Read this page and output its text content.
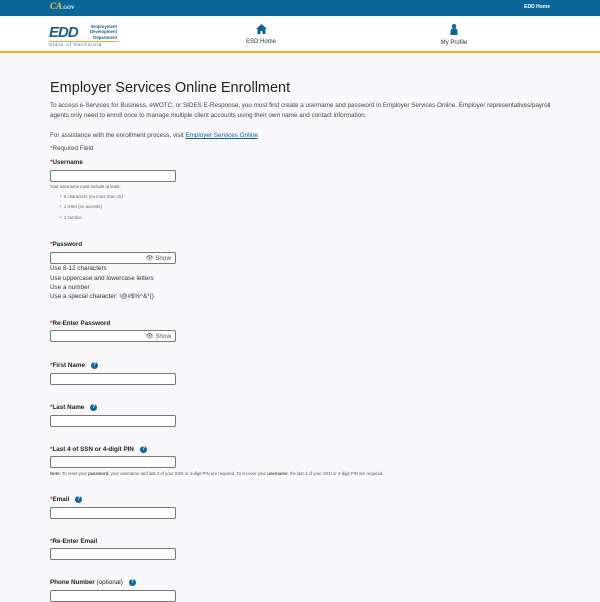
CA.GOV	EDD Home
EDD	Employment
Development
Department
State of California	ESD Home	My Profile
Employer Services Online Enrollment
To access e-Services for Business, eWOTC, or SIDES E-Response, you must first create a username and password in Employer Services Online. Employer representatives/payroll agents only need to enroll once to manage multiple client accounts using their own name and contact information.
For assistance with the enrollment process, visit Employer Services Online.
*Required Field
*Username
Your username must include at least:
•  8 characters (no more than 15)
•  1 letter (no accents)
•  1 number
*Password
👁 Show
Use 8-12 characters
Use uppercase and lowercase letters
Use a number
Use a special character: !@#$%^&*()
*Re-Enter Password
👁 Show
*First Name ?
*Last Name ?
*Last 4 of SSN or 4-digit PIN ?
Note: To reset your password, your username and last 4 of your SSN or 4-digit PIN are required. To recover your username, the last 4 of your SSN or 4-digit PIN are required.
*Email ?
*Re-Enter Email
Phone Number (optional) ?
